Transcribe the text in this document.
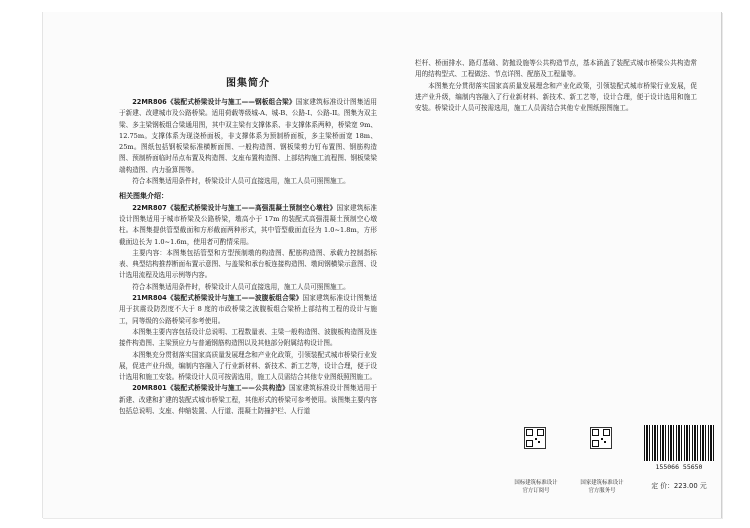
图集简介

22MR806《装配式桥梁设计与施工——钢板组合梁》国家建筑标准设计图集适用于新建、改建城市及公路桥梁。适用荷载等级城-A、城-B、公路-I、公路-II。图集为双主梁、多主梁钢板组合梁通用图，其中双主梁有支撑体系、非支撑体系两种，桥梁宽 9m、12.75m。支撑体系为现浇桥面板，非支撑体系为预制桥面板，多主梁桥面宽 18m、25m。图纸包括钢板梁标准横断面图、一般构造图、钢板梁剪力钉布置图、钢筋构造图、预制桥面临时吊点布置及构造图、支座布置构造图、上部结构施工流程图、钢板梁梁端构造图、内力验算图等。

符合本图集适用条件时，桥梁设计人员可直接选用，施工人员可照图施工。

相关图集介绍：

22MR807《装配式桥梁设计与施工——高强混凝土预制空心墩柱》国家建筑标准设计图集适用于城市桥梁及公路桥梁，墩高小于 17m 的装配式高强混凝土预制空心墩柱。本图集提供管型截面和方形截面两种形式，其中管型截面直径为 1.0~1.8m，方形截面边长为 1.0~1.6m，使用者可酌情采用。

主要内容：本图集包括管型和方型预制墩的构造图、配筋构造图、承载力控制指标表、典型结构推荐断面布置示意图、与盖梁和承台板连接构造图、墩间钢横梁示意图、设计选用流程及选用示例等内容。

符合本图集适用条件时，桥梁设计人员可直接选用，施工人员可照图施工。

21MR804《装配式桥梁设计与施工——波腹板组合梁》国家建筑标准设计图集适用于抗震设防烈度不大于 8 度的市政桥梁之波腹板组合梁桥上部结构工程的设计与施工，同等级的公路桥梁可参考使用。

本图集主要内容包括设计总说明、工程数量表、主梁一般构造图、波腹板构造图及连接件构造图、主梁预应力与普通钢筋构造图以及其他部分附属结构设计图。

本图集充分贯彻落实国家高质量发展理念和产业化政策，引领装配式城市桥梁行业发展，促进产业升级，编制内容融入了行业新材料、新技术、新工艺等，设计合理，便于设计选用和施工安装。桥梁设计人员可按需选用，施工人员需结合其他专业图纸照图施工。

20MR801《装配式桥梁设计与施工——公共构造》国家建筑标准设计图集适用于新建、改建和扩建的装配式城市桥梁工程，其他形式的桥梁可参考使用。该图集主要内容包括总说明、支座、伸缩装置、人行道、混凝土防撞护栏、人行道

栏杆、桥面排水、路灯基础、防抛设施等公共构造节点，基本涵盖了装配式城市桥梁公共构造常用的结构型式、工程做法、节点详图、配筋及工程量等。

本图集充分贯彻落实国家高质量发展理念和产业化政策，引领装配式城市桥梁行业发展，促进产业升级，编制内容融入了行业新材料、新技术、新工艺等，设计合理，便于设计选用和施工安装。桥梁设计人员可按需选用，施工人员需结合其他专业图纸照图施工。

国标建筑标准设计
官方订阅号
国家建筑标准设计
官方服务号
155066 55650
定 价：223.00 元
